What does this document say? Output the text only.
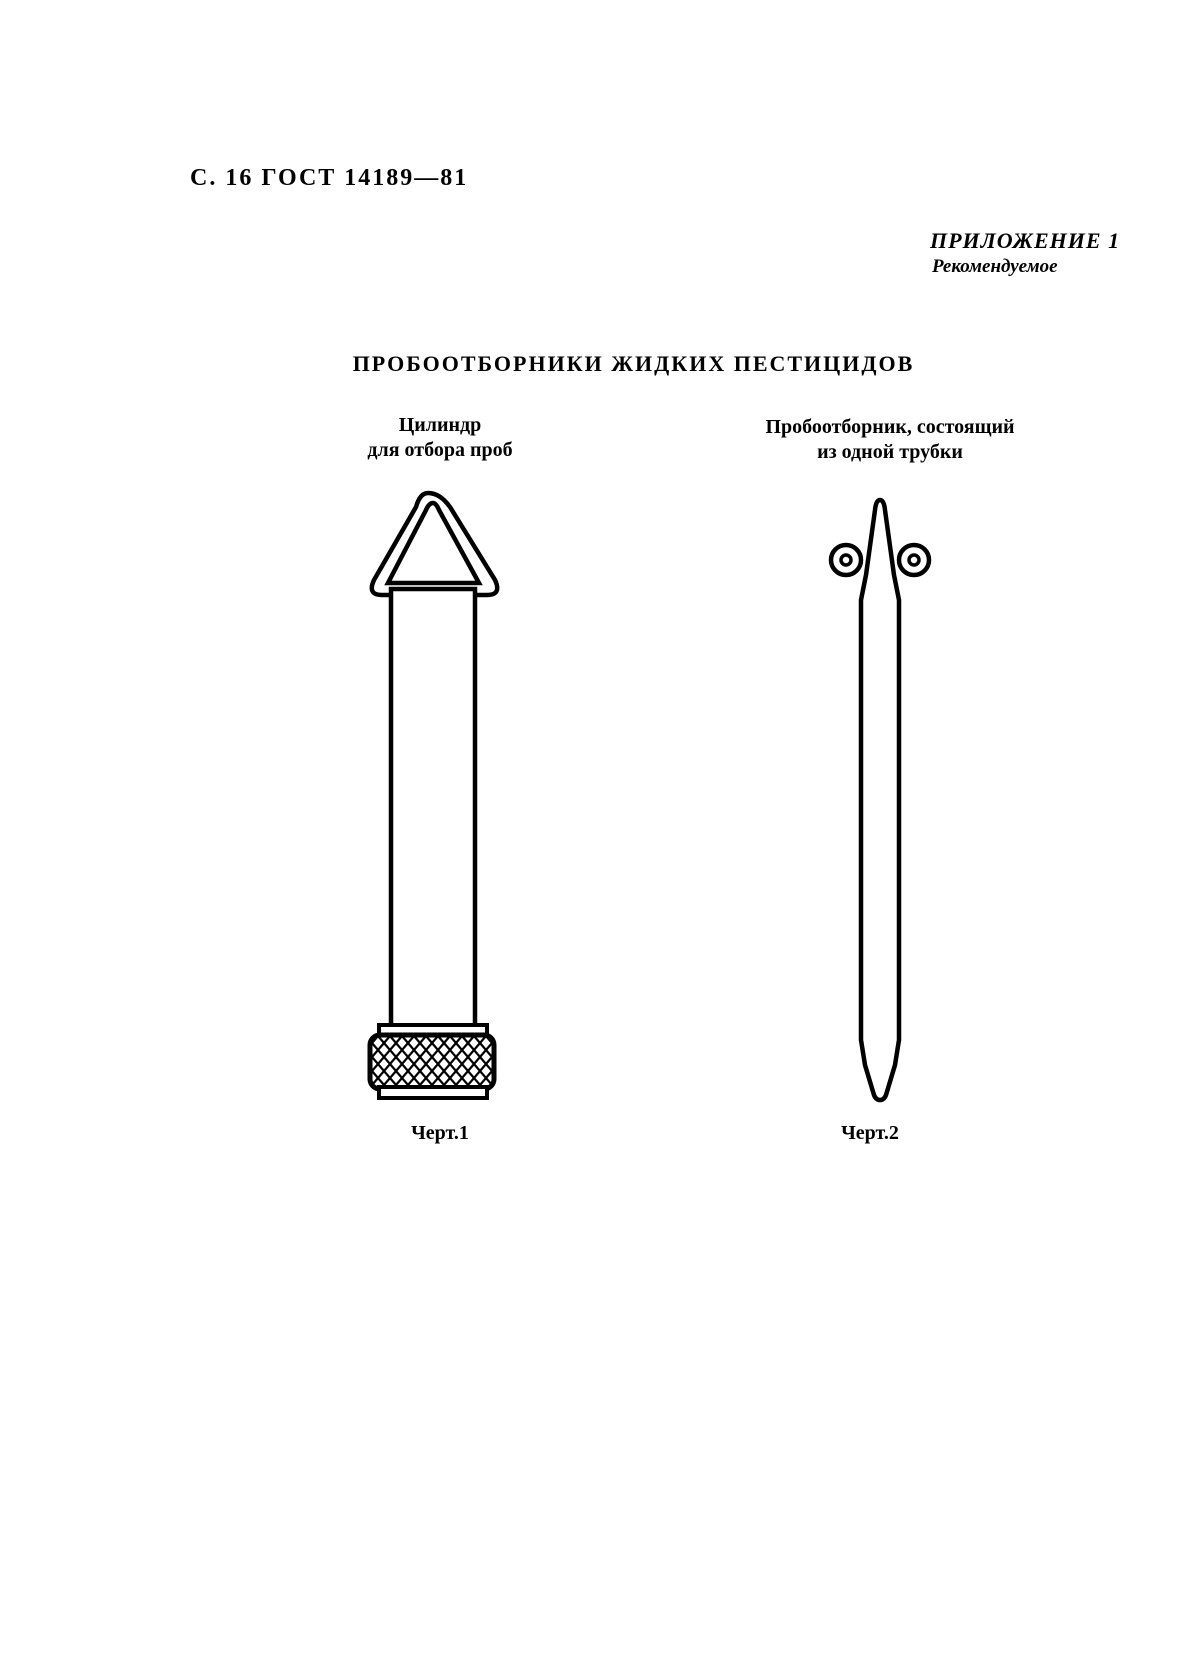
С. 16 ГОСТ 14189—81
ПРИЛОЖЕНИЕ 1
Рекомендуемое
ПРОБООТБОРНИКИ ЖИДКИХ ПЕСТИЦИДОВ
Цилиндр
для отбора проб
Пробоотборник, состоящий
из одной трубки
Черт.1	Черт.2
